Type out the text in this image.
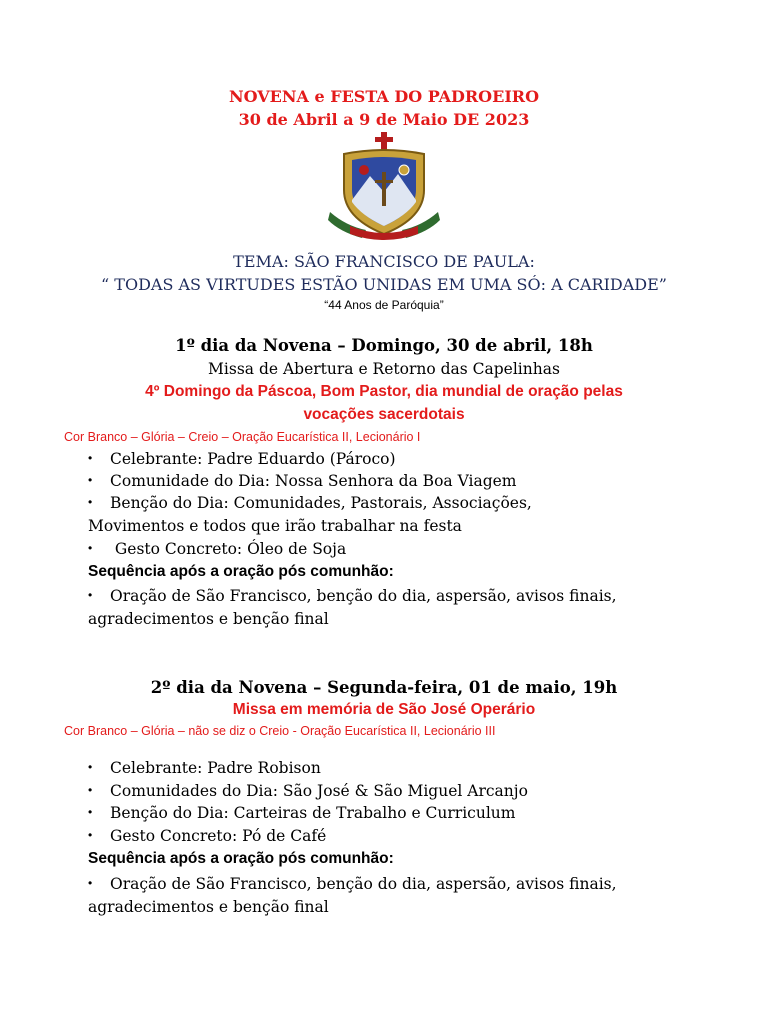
NOVENA e FESTA DO PADROEIRO

30 de Abril a 9 de Maio DE 2023

TEMA: SÃO FRANCISCO DE PAULA:

“ TODAS AS VIRTUDES ESTÃO UNIDAS EM UMA SÓ: A CARIDADE”

“44 Anos de Paróquia”

1º dia da Novena – Domingo, 30 de abril, 18h

Missa de Abertura e Retorno das Capelinhas

4º Domingo da Páscoa, Bom Pastor, dia mundial de oração pelas

vocações sacerdotais

Cor Branco – Glória – Creio – Oração Eucarística II, Lecionário I

• Celebrante: Padre Eduardo (Pároco)

• Comunidade do Dia: Nossa Senhora da Boa Viagem

• Benção do Dia: Comunidades, Pastorais, Associações,

Movimentos e todos que irão trabalhar na festa

• Gesto Concreto: Óleo de Soja

Sequência após a oração pós comunhão:

• Oração de São Francisco, benção do dia, aspersão, avisos finais,

agradecimentos e benção final

2º dia da Novena – Segunda-feira, 01 de maio, 19h

Missa em memória de São José Operário

Cor Branco – Glória – não se diz o Creio - Oração Eucarística II, Lecionário III

• Celebrante: Padre Robison

• Comunidades do Dia: São José & São Miguel Arcanjo

• Benção do Dia: Carteiras de Trabalho e Curriculum

• Gesto Concreto: Pó de Café

Sequência após a oração pós comunhão:

• Oração de São Francisco, benção do dia, aspersão, avisos finais,

agradecimentos e benção final
